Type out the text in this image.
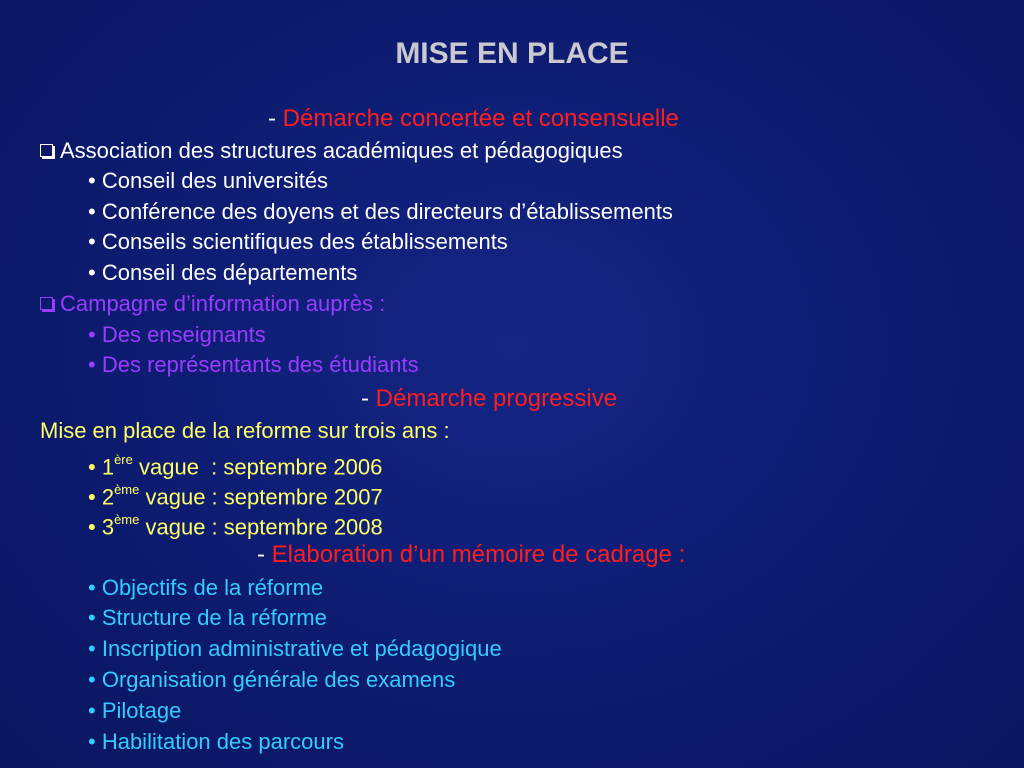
MISE EN PLACE
- Démarche concertée et consensuelle
Association des structures académiques et pédagogiques
• Conseil des universités
• Conférence des doyens et des directeurs d’établissements
• Conseils scientifiques des établissements
• Conseil des départements
Campagne d’information auprès :
• Des enseignants
• Des représentants des étudiants
- Démarche progressive
Mise en place de la reforme sur trois ans :
• 1ère vague  : septembre 2006
• 2ème vague : septembre 2007
• 3ème vague : septembre 2008
- Elaboration d’un mémoire de cadrage :
• Objectifs de la réforme
• Structure de la réforme
• Inscription administrative et pédagogique
• Organisation générale des examens
• Pilotage
• Habilitation des parcours
